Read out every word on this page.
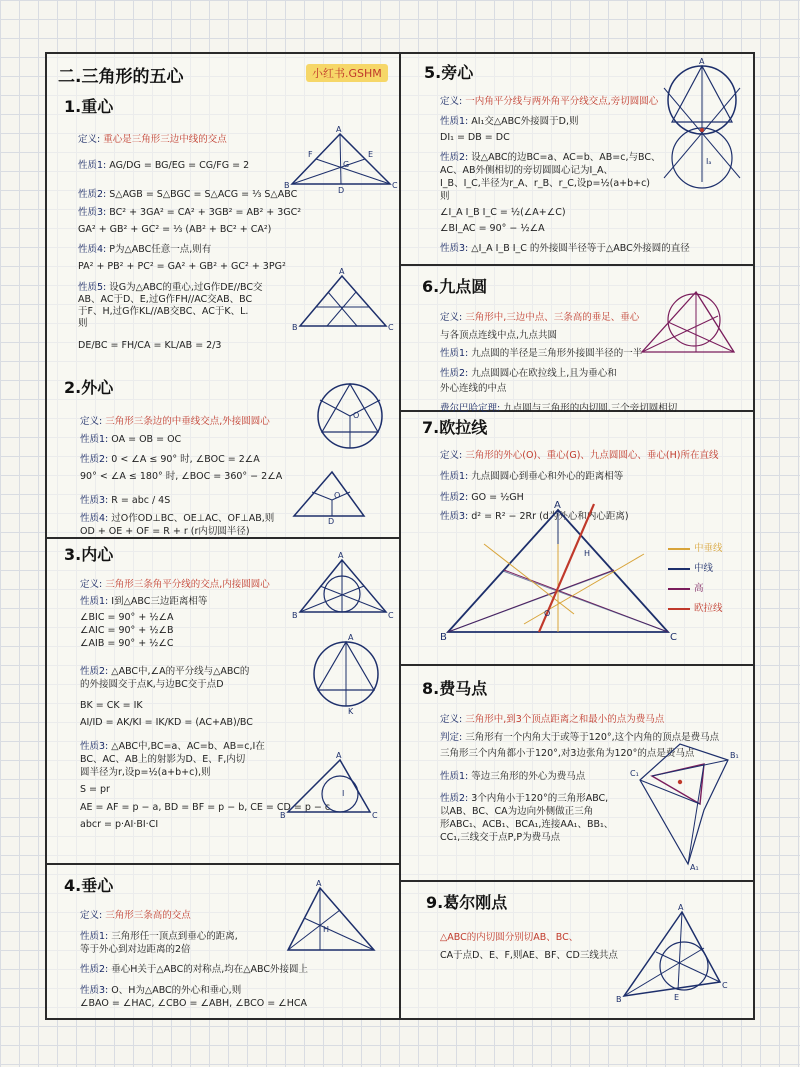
二.三角形的五心	小红书.GSHM
1.重心
定义: 重心是三角形三边中线的交点
性质1: AG/DG = BG/EG = CG/FG = 2
性质2: S△AGB = S△BGC = S△ACG = ⅓ S△ABC
性质3: BC² + 3GA² = CA² + 3GB² = AB² + 3GC²
GA² + GB² + GC² = ⅓ (AB² + BC² + CA²)
性质4: P为△ABC任意一点,则有
PA² + PB² + PC² = GA² + GB² + GC² + 3PG²
性质5: 设G为△ABC的重心,过G作DE//BC交
AB、AC于D、E,过G作FH//AC交AB、BC
于F、H,过G作KL//AB交BC、AC于K、L.
则
DE/BC = FH/CA = KL/AB = 2/3
2.外心
定义: 三角形三条边的中垂线交点,外接圆圆心
性质1: OA = OB = OC
性质2: 0 < ∠A ≤ 90° 时, ∠BOC = 2∠A
90° < ∠A ≤ 180° 时, ∠BOC = 360° − 2∠A
性质3: R = abc / 4S
性质4: 过O作OD⊥BC、OE⊥AC、OF⊥AB,则
OD + OE + OF = R + r (r内切圆半径)
3.内心
定义: 三角形三条角平分线的交点,内接圆圆心
性质1: I到△ABC三边距离相等
∠BIC = 90° + ½∠A
∠AIC = 90° + ½∠B
∠AIB = 90° + ½∠C
性质2: △ABC中,∠A的平分线与△ABC的
的外接圆交于点K,与边BC交于点D
BK = CK = IK
AI/ID = AK/KI = IK/KD = (AC+AB)/BC
性质3: △ABC中,BC=a、AC=b、AB=c,I在
BC、AC、AB上的射影为D、E、F,内切
圆半径为r,设p=½(a+b+c),则
S = pr
AE = AF = p − a, BD = BF = p − b, CE = CD = p − c
abcr = p·AI·BI·CI
4.垂心
定义: 三角形三条高的交点
性质1: 三角形任一顶点到垂心的距离,
等于外心到对边距离的2倍
性质2: 垂心H关于△ABC的对称点,均在△ABC外接圆上
性质3: O、H为△ABC的外心和垂心,则
∠BAO = ∠HAC, ∠CBO = ∠ABH, ∠BCO = ∠HCA
5.旁心
定义: 一内角平分线与两外角平分线交点,旁切圆圆心
性质1: AI₁交△ABC外接圆于D,则
DI₁ = DB = DC
性质2: 设△ABC的边BC=a、AC=b、AB=c,与BC、
AC、AB外侧相切的旁切圆圆心记为I_A、
I_B、I_C,半径为r_A、r_B、r_C,设p=½(a+b+c)
则
∠I_A I_B I_C = ½(∠A+∠C)
∠BI_AC = 90° − ½∠A
性质3: △I_A I_B I_C 的外接圆半径等于△ABC外接圆的直径
6.九点圆
定义: 三角形中,三边中点、三条高的垂足、垂心
与各顶点连线中点,九点共圆
性质1: 九点圆的半径是三角形外接圆半径的一半
性质2: 九点圆圆心在欧拉线上,且为垂心和
外心连线的中点
费尔巴哈定理: 九点圆与三角形的内切圆,三个旁切圆相切
7.欧拉线
定义: 三角形的外心(O)、重心(G)、九点圆圆心、垂心(H)所在直线
性质1: 九点圆圆心到垂心和外心的距离相等
性质2: GO = ½GH
性质3: d² = R² − 2Rr (d为外心和内心距离)
中垂线
中线
高
欧拉线
8.费马点
定义: 三角形中,到3个顶点距离之和最小的点为费马点
判定: 三角形有一个内角大于或等于120°,这个内角的顶点是费马点
三角形三个内角都小于120°,对3边张角为120°的点是费马点
性质1: 等边三角形的外心为费马点
性质2: 3个内角小于120°的三角形ABC,
以AB、BC、CA为边向外侧做正三角
形ABC₁、ACB₁、BCA₁,连接AA₁、BB₁、
CC₁,三线交于点P,P为费马点
9.葛尔刚点
△ABC的内切圆分别切AB、BC、
CA于点D、E、F,则AE、BF、CD三线共点
A
B	C
F	E
G
D
A
B	C
O
O
D
A
B	C
A
K
A
B	C
I
A
H
A
Iₐ
A
B	C
H
O
C₁
B₁
A₁
A
B
C
E
